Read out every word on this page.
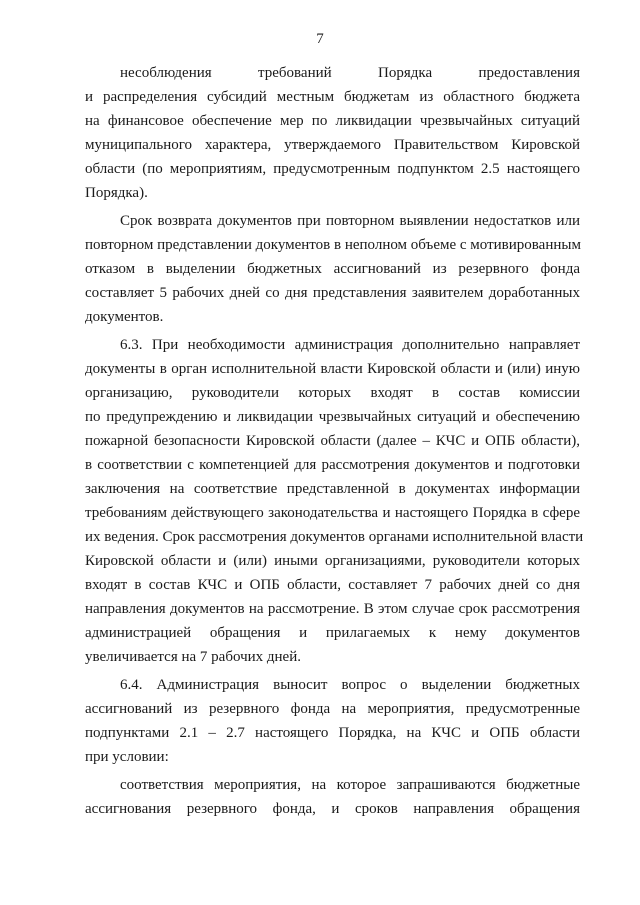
7
несоблюдения требований Порядка предоставления
и распределения субсидий местным бюджетам из областного бюджета
на финансовое обеспечение мер по ликвидации чрезвычайных ситуаций
муниципального характера, утверждаемого Правительством Кировской
области (по мероприятиям, предусмотренным подпунктом 2.5 настоящего
Порядка).
Срок возврата документов при повторном выявлении недостатков или
повторном представлении документов в неполном объеме с мотивированным
отказом в выделении бюджетных ассигнований из резервного фонда
составляет 5 рабочих дней со дня представления заявителем доработанных
документов.
6.3. При необходимости администрация дополнительно направляет
документы в орган исполнительной власти Кировской области и (или) иную
организацию, руководители которых входят в состав комиссии
по предупреждению и ликвидации чрезвычайных ситуаций и обеспечению
пожарной безопасности Кировской области (далее – КЧС и ОПБ области),
в соответствии с компетенцией для рассмотрения документов и подготовки
заключения на соответствие представленной в документах информации
требованиям действующего законодательства и настоящего Порядка в сфере
их ведения. Срок рассмотрения документов органами исполнительной власти
Кировской области и (или) иными организациями, руководители которых
входят в состав КЧС и ОПБ области, составляет 7 рабочих дней со дня
направления документов на рассмотрение. В этом случае срок рассмотрения
администрацией обращения и прилагаемых к нему документов
увеличивается на 7 рабочих дней.
6.4. Администрация выносит вопрос о выделении бюджетных
ассигнований из резервного фонда на мероприятия, предусмотренные
подпунктами 2.1 – 2.7 настоящего Порядка, на КЧС и ОПБ области
при условии:
соответствия мероприятия, на которое запрашиваются бюджетные
ассигнования резервного фонда, и сроков направления обращения
